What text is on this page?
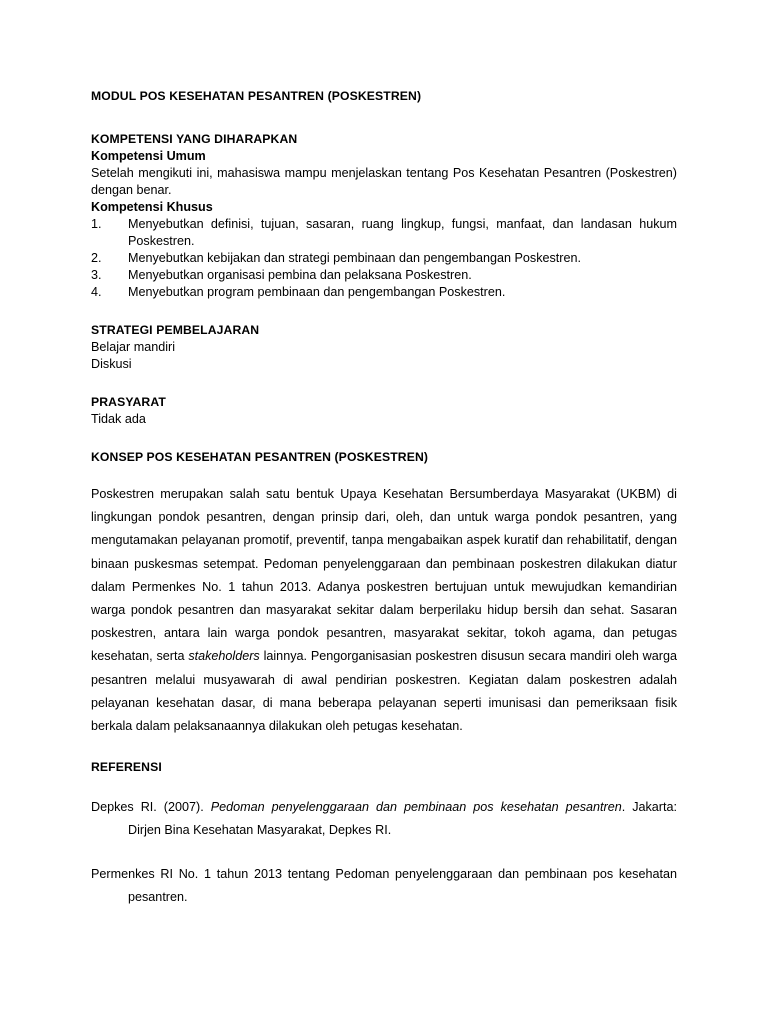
MODUL POS KESEHATAN PESANTREN (POSKESTREN)
KOMPETENSI YANG DIHARAPKAN
Kompetensi Umum
Setelah mengikuti ini, mahasiswa mampu menjelaskan tentang Pos Kesehatan Pesantren (Poskestren) dengan benar.
Kompetensi Khusus
1. Menyebutkan definisi, tujuan, sasaran, ruang lingkup, fungsi, manfaat, dan landasan hukum Poskestren.
2. Menyebutkan kebijakan dan strategi pembinaan dan pengembangan Poskestren.
3. Menyebutkan organisasi pembina dan pelaksana Poskestren.
4. Menyebutkan program pembinaan dan pengembangan Poskestren.
STRATEGI PEMBELAJARAN
Belajar mandiri
Diskusi
PRASYARAT
Tidak ada
KONSEP POS KESEHATAN PESANTREN (POSKESTREN)

Poskestren merupakan salah satu bentuk Upaya Kesehatan Bersumberdaya Masyarakat (UKBM) di lingkungan pondok pesantren, dengan prinsip dari, oleh, dan untuk warga pondok pesantren, yang mengutamakan pelayanan promotif, preventif, tanpa mengabaikan aspek kuratif dan rehabilitatif, dengan binaan puskesmas setempat. Pedoman penyelenggaraan dan pembinaan poskestren dilakukan diatur dalam Permenkes No. 1 tahun 2013. Adanya poskestren bertujuan untuk mewujudkan kemandirian warga pondok pesantren dan masyarakat sekitar dalam berperilaku hidup bersih dan sehat. Sasaran poskestren, antara lain warga pondok pesantren, masyarakat sekitar, tokoh agama, dan petugas kesehatan, serta stakeholders lainnya. Pengorganisasian poskestren disusun secara mandiri oleh warga pesantren melalui musyawarah di awal pendirian poskestren. Kegiatan dalam poskestren adalah pelayanan kesehatan dasar, di mana beberapa pelayanan seperti imunisasi dan pemeriksaan fisik berkala dalam pelaksanaannya dilakukan oleh petugas kesehatan.

REFERENSI

Depkes RI. (2007). Pedoman penyelenggaraan dan pembinaan pos kesehatan pesantren. Jakarta: Dirjen Bina Kesehatan Masyarakat, Depkes RI.

Permenkes RI No. 1 tahun 2013 tentang Pedoman penyelenggaraan dan pembinaan pos kesehatan pesantren.
